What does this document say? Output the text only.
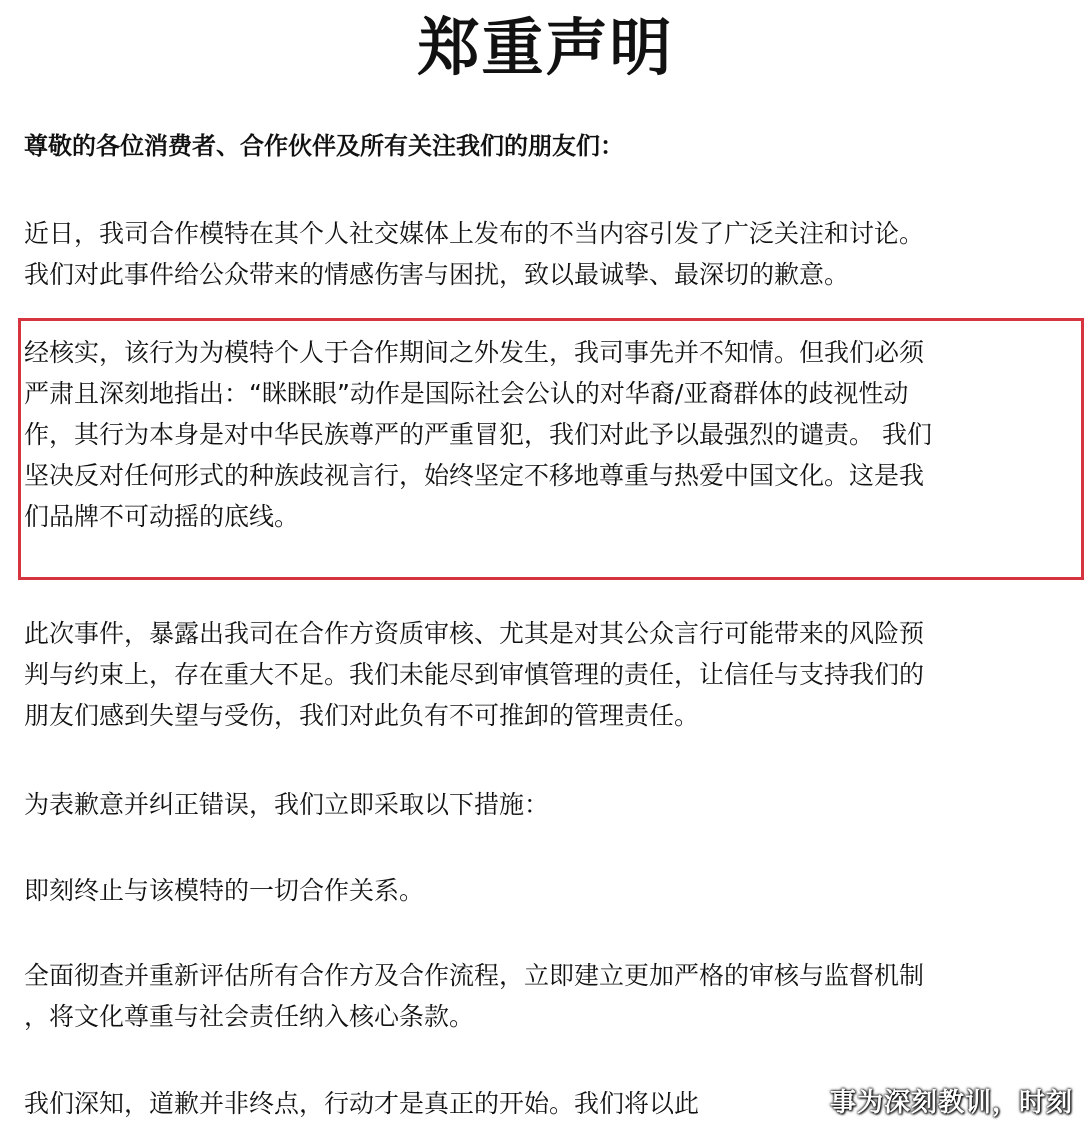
郑重声明
尊敬的各位消费者、合作伙伴及所有关注我们的朋友们：
近日，我司合作模特在其个人社交媒体上发布的不当内容引发了广泛关注和讨论。
我们对此事件给公众带来的情感伤害与困扰，致以最诚挚、最深切的歉意。
经核实，该行为为模特个人于合作期间之外发生，我司事先并不知情。但我们必须
严肃且深刻地指出：“眯眯眼”动作是国际社会公认的对华裔/亚裔群体的歧视性动
作，其行为本身是对中华民族尊严的严重冒犯，我们对此予以最强烈的谴责。 我们
坚决反对任何形式的种族歧视言行，始终坚定不移地尊重与热爱中国文化。这是我
们品牌不可动摇的底线。
此次事件，暴露出我司在合作方资质审核、尤其是对其公众言行可能带来的风险预
判与约束上，存在重大不足。我们未能尽到审慎管理的责任，让信任与支持我们的
朋友们感到失望与受伤，我们对此负有不可推卸的管理责任。
为表歉意并纠正错误，我们立即采取以下措施：
即刻终止与该模特的一切合作关系。
全面彻查并重新评估所有合作方及合作流程，立即建立更加严格的审核与监督机制
，将文化尊重与社会责任纳入核心条款。
我们深知，道歉并非终点，行动才是真正的开始。我们将以此	事为深刻教训，时刻
